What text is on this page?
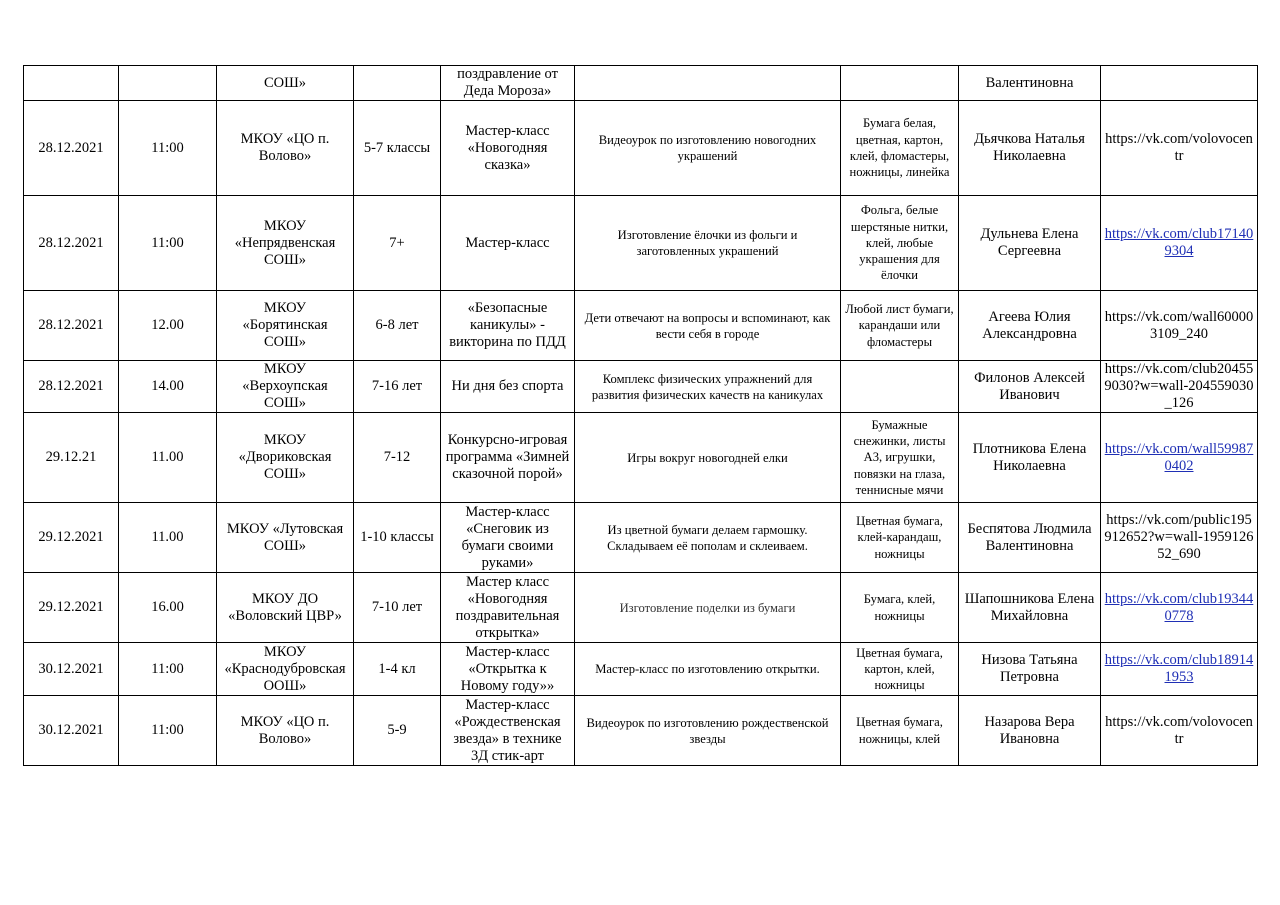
		СОШ»		поздравление от Деда Мороза»			Валентиновна	
28.12.2021	11:00	МКОУ «ЦО п. Волово»	5-7 классы	Мастер-класс «Новогодняя сказка»	Видеоурок по изготовлению новогодних украшений	Бумага белая, цветная, картон, клей, фломастеры, ножницы, линейка	Дьячкова Наталья Николаевна	https://vk.com/volovocentr
28.12.2021	11:00	МКОУ «Непрядвенская СОШ»	7+	Мастер-класс	Изготовление ёлочки из фольги и заготовленных украшений	Фольга, белые шерстяные нитки, клей, любые украшения для ёлочки	Дульнева Елена Сергеевна	https://vk.com/club171409304
28.12.2021	12.00	МКОУ «Борятинская СОШ»	6-8 лет	«Безопасные каникулы» - викторина по ПДД	Дети отвечают на вопросы и вспоминают, как вести себя в городе	Любой лист бумаги, карандаши или фломастеры	Агеева Юлия Александровна	https://vk.com/wall600003109_240
28.12.2021	14.00	МКОУ «Верхоупская СОШ»	7-16 лет	Ни дня без спорта	Комплекс физических упражнений для развития физических качеств на каникулах		Филонов Алексей Иванович	https://vk.com/club204559030?w=wall-204559030_126
29.12.21	11.00	МКОУ «Двориковская СОШ»	7-12	Конкурсно-игровая программа «Зимней сказочной порой»	Игры вокруг новогодней елки	Бумажные снежинки, листы А3, игрушки, повязки на глаза, теннисные мячи	Плотникова Елена Николаевна	https://vk.com/wall599870402
29.12.2021	11.00	МКОУ «Лутовская СОШ»	1-10 классы	Мастер-класс «Снеговик из бумаги своими руками»	Из цветной бумаги делаем гармошку. Складываем её пополам и склеиваем.	Цветная бумага, клей-карандаш, ножницы	Беспятова Людмила Валентиновна	https://vk.com/public195912652?w=wall-195912652_690
29.12.2021	16.00	МКОУ ДО «Воловский ЦВР»	7-10 лет	Мастер класс «Новогодняя поздравительная открытка»	Изготовление поделки из бумаги	Бумага, клей, ножницы	Шапошникова Елена Михайловна	https://vk.com/club193440778
30.12.2021	11:00	МКОУ «Краснодубровская ООШ»	1-4 кл	Мастер-класс «Открытка к Новому году»»	Мастер-класс по изготовлению открытки.	Цветная бумага, картон, клей, ножницы	Низова Татьяна Петровна	https://vk.com/club189141953
30.12.2021	11:00	МКОУ «ЦО п. Волово»	5-9	Мастер-класс «Рождественская звезда» в технике 3Д стик-арт	Видеоурок по изготовлению рождественской звезды	Цветная бумага, ножницы, клей	Назарова Вера Ивановна	https://vk.com/volovocentr
